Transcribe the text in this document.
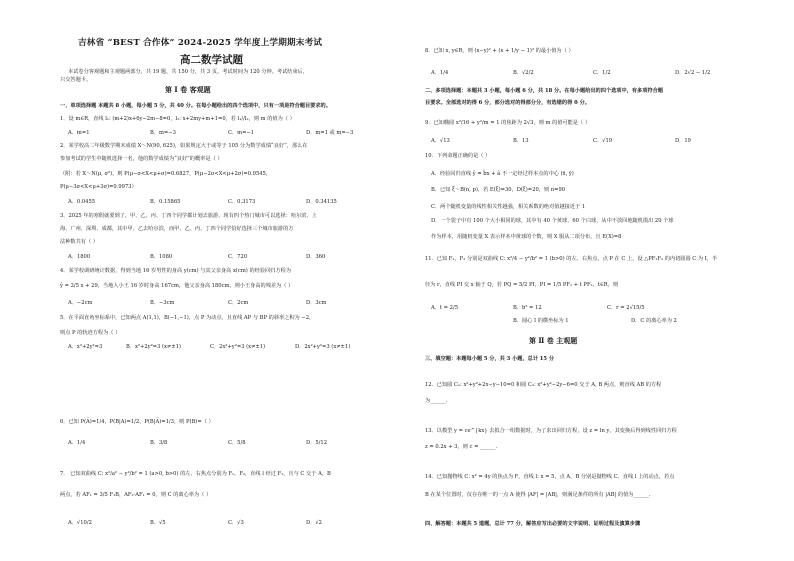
吉林省 “BEST 合作体” 2024-2025 学年度上学期期末考试
高二数学试题
本试卷分客观题和主观题两部分，共 19 题，共 150 分，共 3 页。考试时间为 120 分钟。考试结束后，
只交答题卡。
第 Ⅰ 卷 客观题
一、单项选择题 本题共 8 小题，每小题 5 分，共 40 分。在每小题给出的四个选项中，只有一项是符合题目要求的。
1．设 m∈R，直线 l₁: (m+2)x+6y−2m−8=0，l₂: x+2my+m+1=0，若 l₁//l₂，则 m 的值为（ ）
A．m=1	B．m=−3	C．m=−1	D．m=1 或 m=−3
2．某学校高二年级数学期末成绩 X～N(90, 625)，如果规定大于或等于 105 分为数学成绩“良好”，那么在
参加考试的学生中随机选择一名，他的数学成绩为“良好”的概率是（ ）
（附：若 X～N(μ, σ²)，则 P(μ−σ<X<μ+σ)=0.6827，P(μ−2σ<X<μ+2σ)=0.9545，
P(μ−3σ<X<μ+3σ)=0.9973）
A．0.0455	B．0.15865	C．0.3173	D．0.34135
3．2025 年的寒假就要到了，甲、乙、丙、丁四个同学都计划去旅游，现有四个热门城市可以选择：哈尔滨、上
海、广州、深圳、成都，其中甲、乙去哈尔滨，而甲、乙、丙、丁四个同学恰好选择三个城市旅游的方
法种数共有（ ）
A．1800	B．1080	C．720	D．360
4．某学校调研统计数据，得到当地 16 岁男性的身高 y(cm) 与其父亲身高 x(cm) 的经验回归方程为
ŷ = 2/5 x + 29，当地人小王 16 岁时身高 167cm，他父亲身高 180cm，则小王身高的残差为（ ）
A．−2cm	B．−3cm	C．2cm	D．3cm
5．在平面直角坐标系中，已知两点 A(1,1)，B(−1,−1)，点 P 为动点，且直线 AP 与 BP 的斜率之积为 −2，
则点 P 的轨迹方程为（ ）
A．x²+2y²=3	B．x²+2y²=3 (x≠±1)	C．2x²+y²=3 (x≠±1)	D．2x²+y²=3 (x≠±1)
6．已知 P(A̅)=1/4，P(B|A)=1/2，P(B|A̅)=1/3，则 P(B)=（ ）
A．1/4	B．3/8	C．5/8	D．5/12
7． 已知双曲线 C: x²/a² − y²/b² = 1 (a>0, b>0) 的左、右焦点分别为 F₁，F₂，直线 l 经过 F₁，且与 C 交于 A，B
两点，若 AF₁ = 3/5 F₁B，AF₂·AF₁ = 0，则 C 的离心率为（ ）
A．√10/2	B．√5	C．√3	D．√2
8．已知 x, y∈R，则 (x−y)² + (x + 1/y − 1)² 的最小值为（ ）
A．1/4	B．√2/2	C．1/2	D．2√2 − 1/2
二、多项选择题：本题共 3 小题，每小题 6 分，共 18 分。在每小题给出的四个选项中，有多项符合题
目要求。全部选对的得 6 分，部分选对的得部分分，有选错的得 0 分。
9．已知椭圆 x²/16 + y²/m = 1 的焦距为 2√3，则 m 的值可能是（ ）
A．√13	B．13	C．√19	D．19
10．下列命题正确的是（ ）
A．经验回归直线 ŷ = b̂x + â 不一定经过样本点的中心 (x̄, ȳ)
B．已知 ξ～B(n, p)，若 E(ξ)=30，D(ξ)=20，则 n=90
C．两个随机变量的线性相关性越强，相关系数的绝对值越接近于 1
D．一个袋子中有 100 个大小相同的球，其中有 40 个黄球、60 个白球，从中不放回地随机摸出 20 个球
作为样本，用随机变量 X 表示样本中黄球的个数，则 X 服从二项分布，且 E(X)=8
11．已知 F₁，F₂ 分别是双曲线 C: x²/4 − y²/b² = 1 (b>0) 的左、右焦点，点 P 在 C 上，设 △PF₁F₂ 的内切圆圆 C 为 I，半
径为 r，直线 PI 交 x 轴于 Q，若 PQ = 5/2 PI，PI = 1/5 PF₁ + t PF₂，t∈R，则
A．t = 2/5	B．b² = 12	C．r = 2√15/5
B．圆心 I 的横坐标为 1	D．C 的离心率为 2
第 Ⅱ 卷 主观题
三、填空题：本题每小题 5 分，共 3 小题，总计 15 分
12．已知圆 C₁: x²+y²+2x−y−10=0 和圆 C₂: x²+y²−2y−6=0 交于 A, B 两点，则直线 AB 的方程
为______.
13．以模型 y = ce^{kx} 去拟合一组数据时，为了求出回归方程，设 z = ln y，其变换后得到线性回归方程
z = 0.2x + 3，则 c = ______.
14．已知抛物线 C: x² = 4y 的焦点为 F，直线 l: x = 5，点 A，B 分别是抛物线 C、直线 l 上的动点，若点
B 在某个位置时，仅存在唯一的一点 A 使得 |AF| = |AB|，则满足条件的所有 |AB| 的值为______.
四、解答题：本题共 5 道题，总计 77 分，解答应写出必要的文字说明、证明过程及演算步骤
